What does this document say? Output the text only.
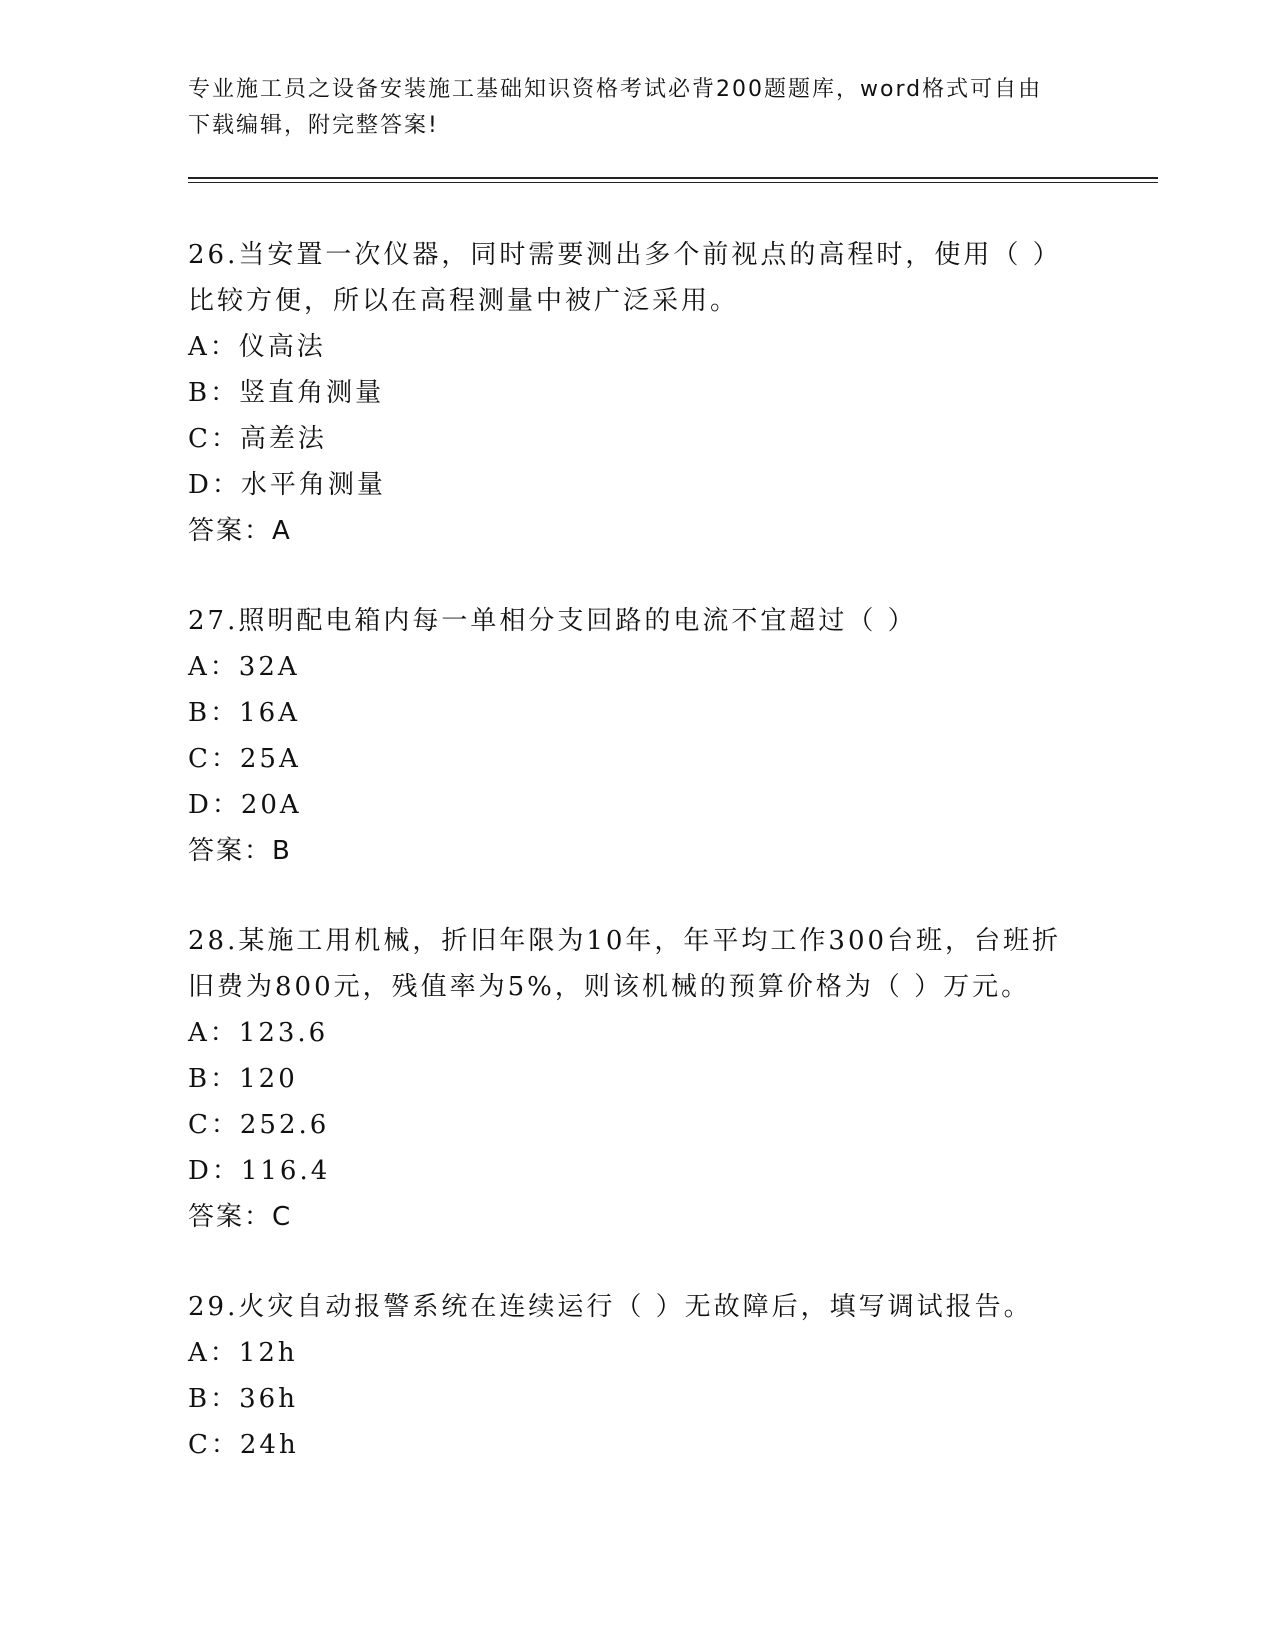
专业施工员之设备安装施工基础知识资格考试必背200题题库，word格式可自由
下载编辑，附完整答案!

26.当安置一次仪器，同时需要测出多个前视点的高程时，使用（ ）

比较方便，所以在高程测量中被广泛采用。

A：仪高法

B：竖直角测量

C：高差法

D：水平角测量

答案：A

27.照明配电箱内每一单相分支回路的电流不宜超过（ ）

A：32A

B：16A

C：25A

D：20A

答案：B

28.某施工用机械，折旧年限为10年，年平均工作300台班，台班折

旧费为800元，残值率为5%，则该机械的预算价格为（ ）万元。

A：123.6

B：120

C：252.6

D：116.4

答案：C

29.火灾自动报警系统在连续运行（ ）无故障后，填写调试报告。

A：12h

B：36h

C：24h
